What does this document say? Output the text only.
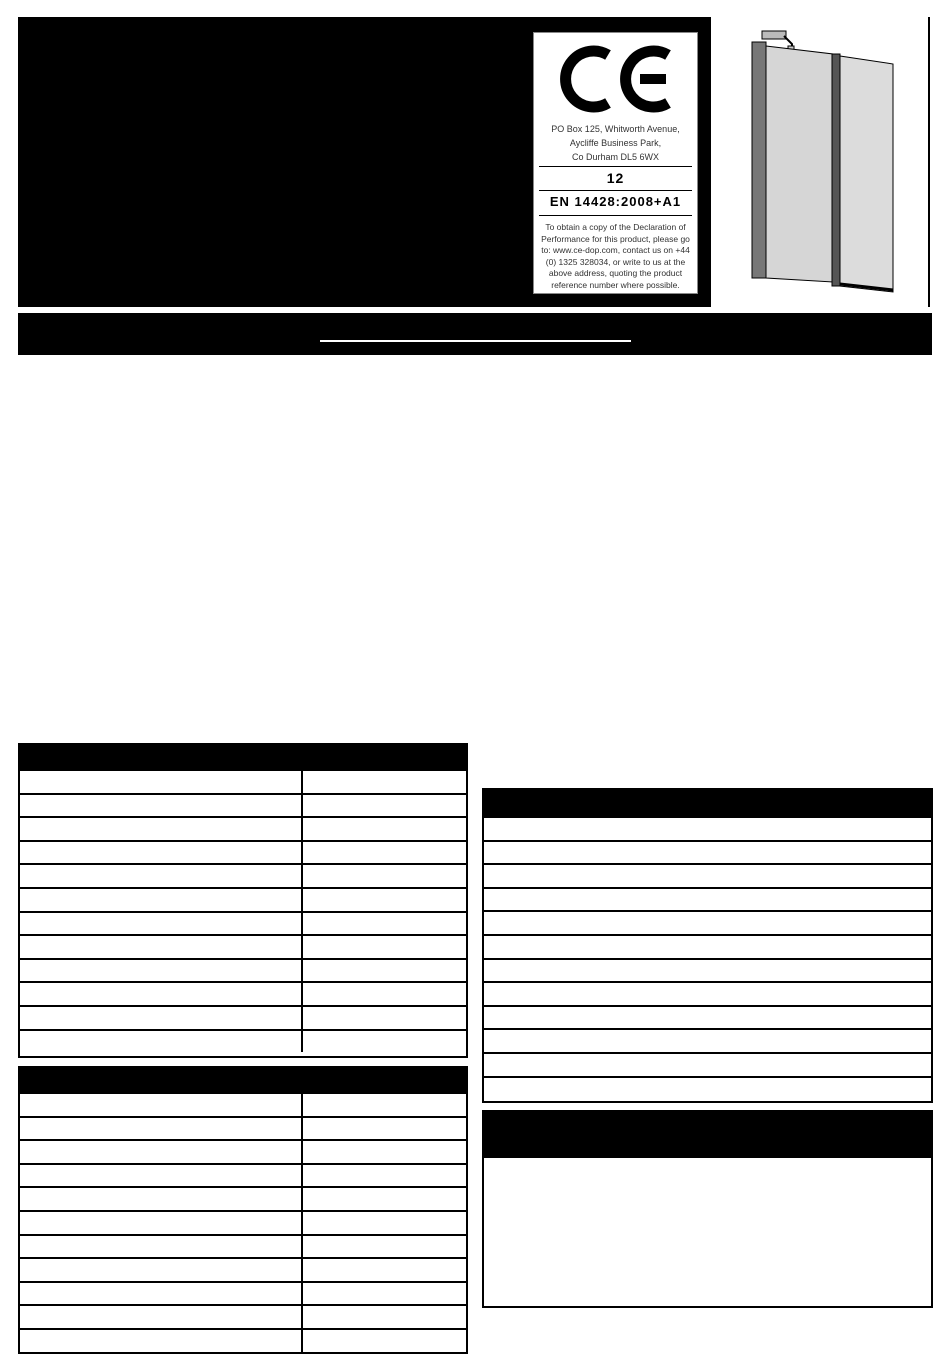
PO Box 125, Whitworth Avenue,
Aycliffe Business Park,
Co Durham DL5 6WX
12
EN 14428:2008+A1
To obtain a copy of the Declaration of Performance for this product, please go to: www.ce-dop.com, contact us on +44 (0) 1325 328034, or write to us at the above address, quoting the product reference number where possible.
